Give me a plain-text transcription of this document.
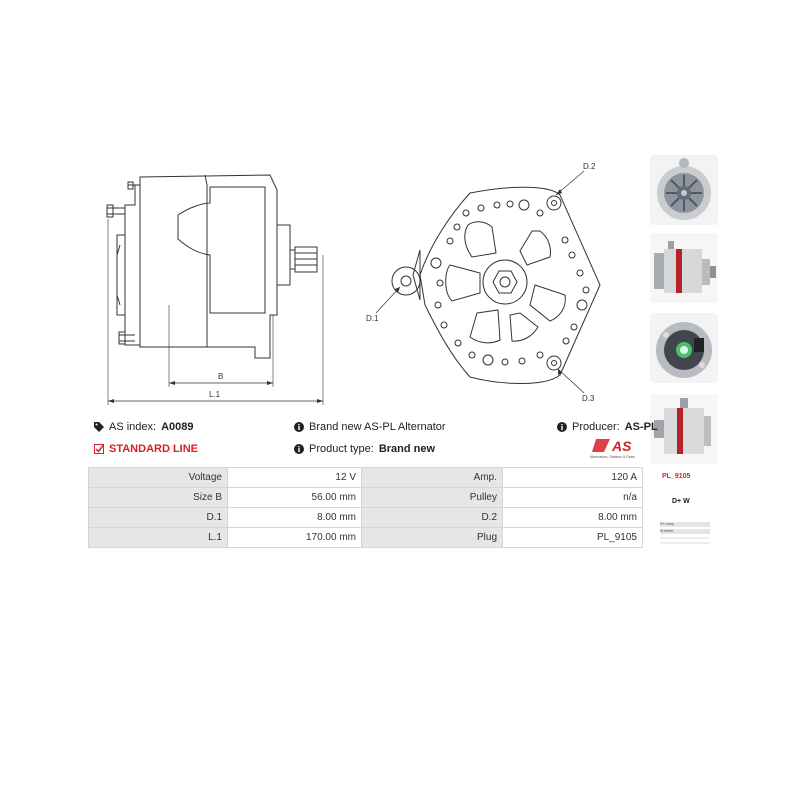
B
L.1
D.2
D.1
D.3
PL_9105
D+ W
D+ Lamp
W Meter
AS index: A0089
STANDARD LINE
Brand new AS-PL Alternator
Product type: Brand new
Producer: AS-PL
AS
Alternators, Starters & Parts
Voltage	12 V	Amp.	120 A
Size B	56.00 mm	Pulley	n/a
D.1	8.00 mm	D.2	8.00 mm
L.1	170.00 mm	Plug	PL_9105
